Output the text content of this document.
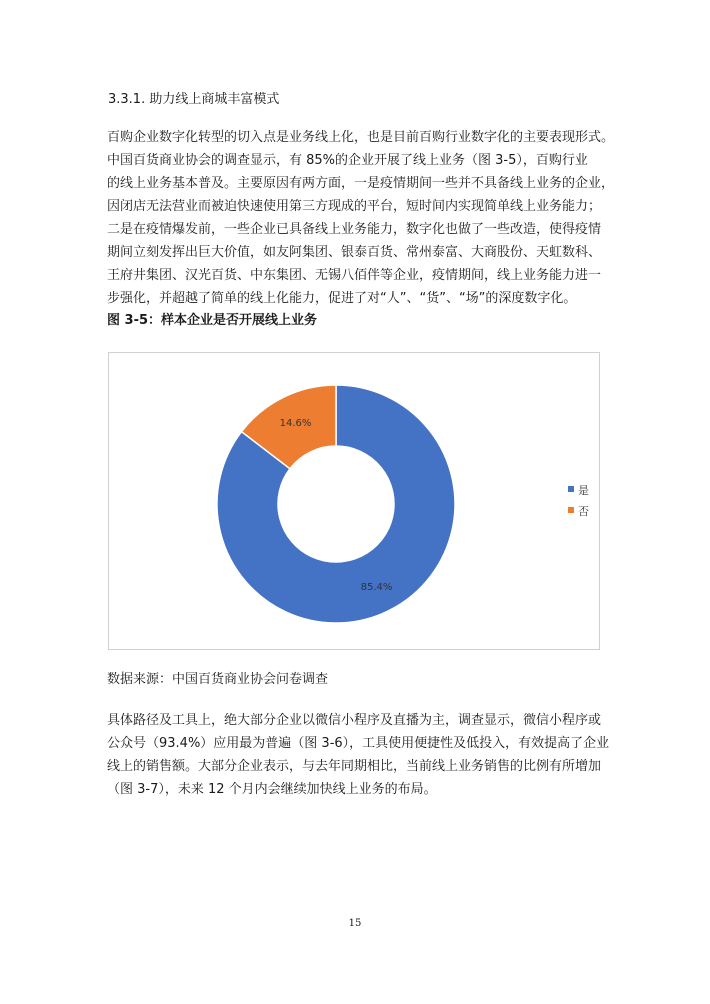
3.3.1. 助力线上商城丰富模式
百购企业数字化转型的切入点是业务线上化，也是目前百购行业数字化的主要表现形式。
中国百货商业协会的调查显示，有 85%的企业开展了线上业务（图 3-5），百购行业
的线上业务基本普及。主要原因有两方面，一是疫情期间一些并不具备线上业务的企业，
因闭店无法营业而被迫快速使用第三方现成的平台，短时间内实现简单线上业务能力；
二是在疫情爆发前，一些企业已具备线上业务能力，数字化也做了一些改造，使得疫情
期间立刻发挥出巨大价值，如友阿集团、银泰百货、常州泰富、大商股份、天虹数科、
王府井集团、汉光百货、中东集团、无锡八佰伴等企业，疫情期间，线上业务能力进一
步强化，并超越了简单的线上化能力，促进了对“人”、“货”、“场”的深度数字化。
图 3-5：样本企业是否开展线上业务
85.4%
14.6%
是
否
数据来源：中国百货商业协会问卷调查
具体路径及工具上，绝大部分企业以微信小程序及直播为主，调查显示，微信小程序或
公众号（93.4%）应用最为普遍（图 3-6），工具使用便捷性及低投入，有效提高了企业
线上的销售额。大部分企业表示，与去年同期相比，当前线上业务销售的比例有所增加
（图 3-7），未来 12 个月内会继续加快线上业务的布局。
15
